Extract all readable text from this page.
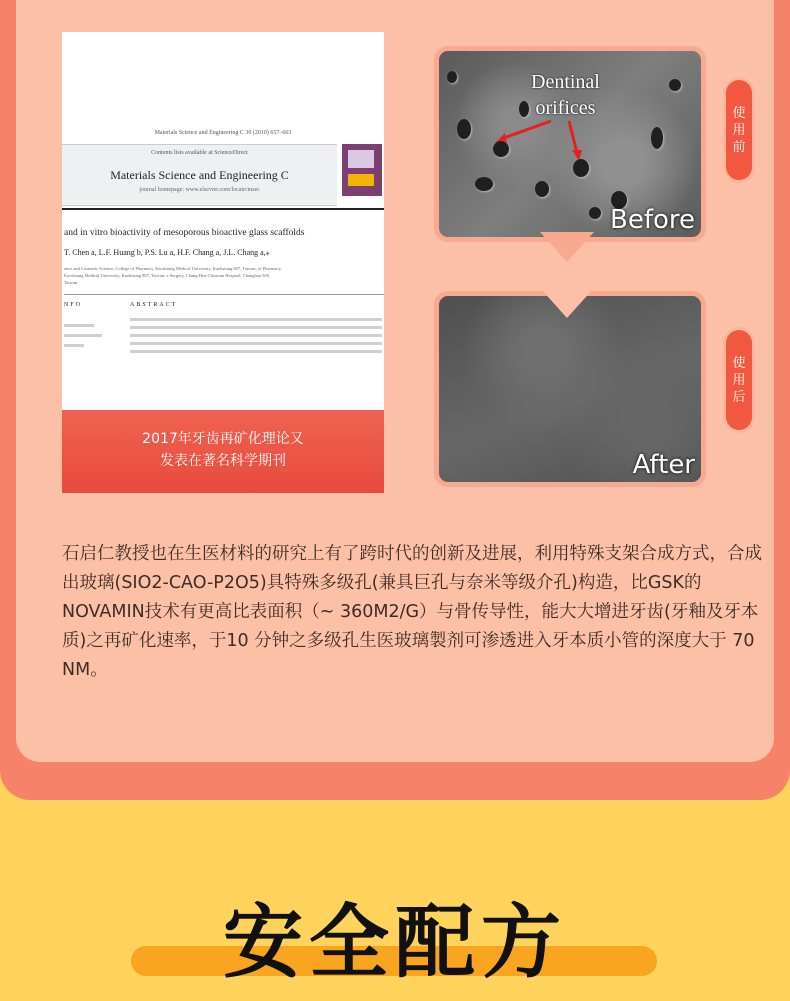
Materials Science and Engineering C 30 (2010) 657–663
Contents lists available at ScienceDirect
Materials Science and Engineering C
journal homepage: www.elsevier.com/locate/msec
and in vitro bioactivity of mesoporous bioactive glass scaffolds
T. Chen a, L.F. Huang b, P.S. Lu a, H.F. Chang a, J.L. Chang a,⁎
ence and Cosmetic Science, College of Pharmacy, Kaohsiung Medical University, Kaohsiung 807, Taiwan; of Pharmacy, Kaohsiung Medical University, Kaohsiung 807, Taiwan; e Surgery, Chang-Hua Christian Hospital, Changhua 500, Taiwan
NFO	ABSTRACT
2017年牙齿再矿化理论又
发表在著名科学期刊
Dentinal
orifices
Before
After
使
用
前
使
用
后
石启仁教授也在生医材料的研究上有了跨时代的创新及进展，利用特殊支架合成方式，合成出玻璃(SIO2-CAO-P2O5)具特殊多级孔(兼具巨孔与奈米等级介孔)构造，比GSK的NOVAMIN技术有更高比表面积（~ 360M2/G）与骨传导性，能大大增进牙齿(牙釉及牙本质)之再矿化速率，于10 分钟之多级孔生医玻璃製剂可渗透进入牙本质小管的深度大于 70 NM。
安全配方
